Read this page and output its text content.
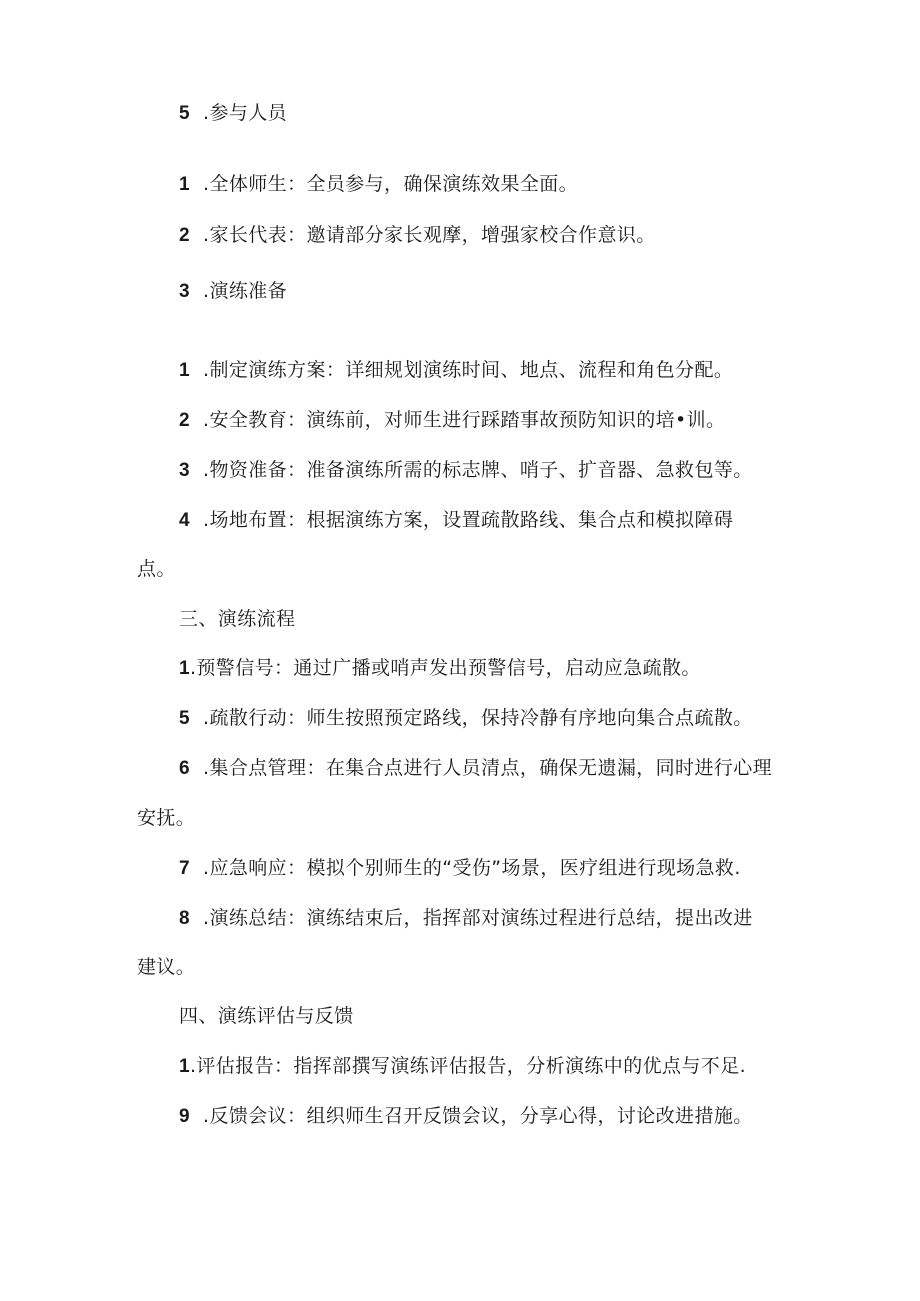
5 .参与人员
1 .全体师生：全员参与，确保演练效果全面。
2 .家长代表：邀请部分家长观摩，增强家校合作意识。
3 .演练准备
1 .制定演练方案：详细规划演练时间、地点、流程和角色分配。
2 .安全教育：演练前，对师生进行踩踏事故预防知识的培•训。
3 .物资准备：准备演练所需的标志牌、哨子、扩音器、急救包等。
4 .场地布置：根据演练方案，设置疏散路线、集合点和模拟障碍
点。
三、演练流程
1.预警信号：通过广播或哨声发出预警信号，启动应急疏散。
5 .疏散行动：师生按照预定路线，保持冷静有序地向集合点疏散。
6 .集合点管理：在集合点进行人员清点，确保无遗漏，同时进行心理
安抚。
7 .应急响应：模拟个别师生的“受伤”场景，医疗组进行现场急救.
8 .演练总结：演练结束后，指挥部对演练过程进行总结，提出改进
建议。
四、演练评估与反馈
1.评估报告：指挥部撰写演练评估报告，分析演练中的优点与不足.
9 .反馈会议：组织师生召开反馈会议，分享心得，讨论改进措施。
